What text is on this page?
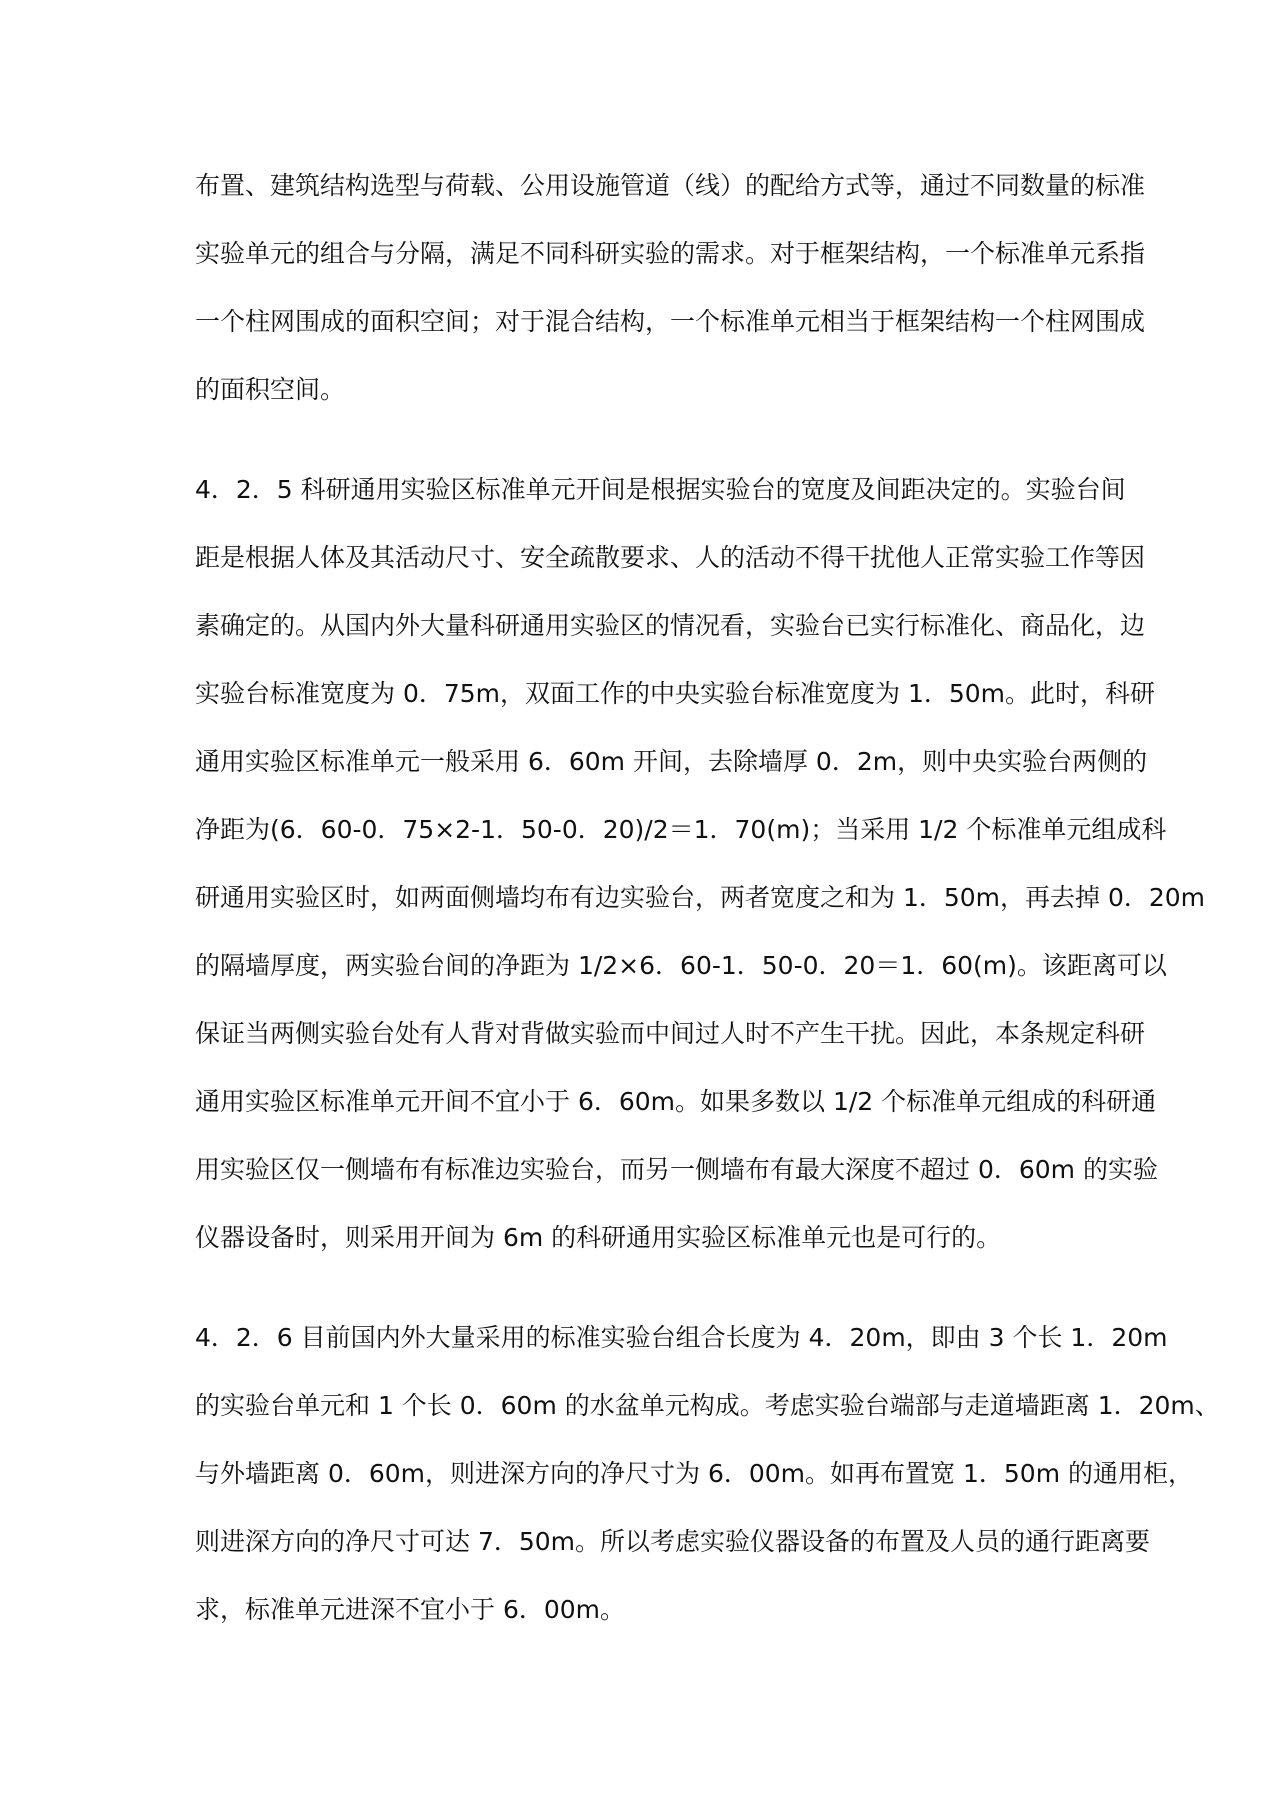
布置、建筑结构选型与荷载、公用设施管道（线）的配给方式等，通过不同数量的标准
实验单元的组合与分隔，满足不同科研实验的需求。对于框架结构，一个标准单元系指
一个柱网围成的面积空间；对于混合结构，一个标准单元相当于框架结构一个柱网围成
的面积空间。
4．2．5 科研通用实验区标准单元开间是根据实验台的宽度及间距决定的。实验台间
距是根据人体及其活动尺寸、安全疏散要求、人的活动不得干扰他人正常实验工作等因
素确定的。从国内外大量科研通用实验区的情况看，实验台已实行标准化、商品化，边
实验台标准宽度为 0．75m，双面工作的中央实验台标准宽度为 1．50m。此时，科研
通用实验区标准单元一般采用 6．60m 开间，去除墙厚 0．2m，则中央实验台两侧的
净距为(6．60-0．75×2-1．50-0．20)/2＝1．70(m)；当采用 1/2 个标准单元组成科
研通用实验区时，如两面侧墙均布有边实验台，两者宽度之和为 1．50m，再去掉 0．20m
的隔墙厚度，两实验台间的净距为 1/2×6．60-1．50-0．20＝1．60(m)。该距离可以
保证当两侧实验台处有人背对背做实验而中间过人时不产生干扰。因此，本条规定科研
通用实验区标准单元开间不宜小于 6．60m。如果多数以 1/2 个标准单元组成的科研通
用实验区仅一侧墙布有标准边实验台，而另一侧墙布有最大深度不超过 0．60m 的实验
仪器设备时，则采用开间为 6m 的科研通用实验区标准单元也是可行的。
4．2．6 目前国内外大量采用的标准实验台组合长度为 4．20m，即由 3 个长 1．20m
的实验台单元和 1 个长 0．60m 的水盆单元构成。考虑实验台端部与走道墙距离 1．20m、
与外墙距离 0．60m，则进深方向的净尺寸为 6．00m。如再布置宽 1．50m 的通用柜，
则进深方向的净尺寸可达 7．50m。所以考虑实验仪器设备的布置及人员的通行距离要
求，标准单元进深不宜小于 6．00m。
